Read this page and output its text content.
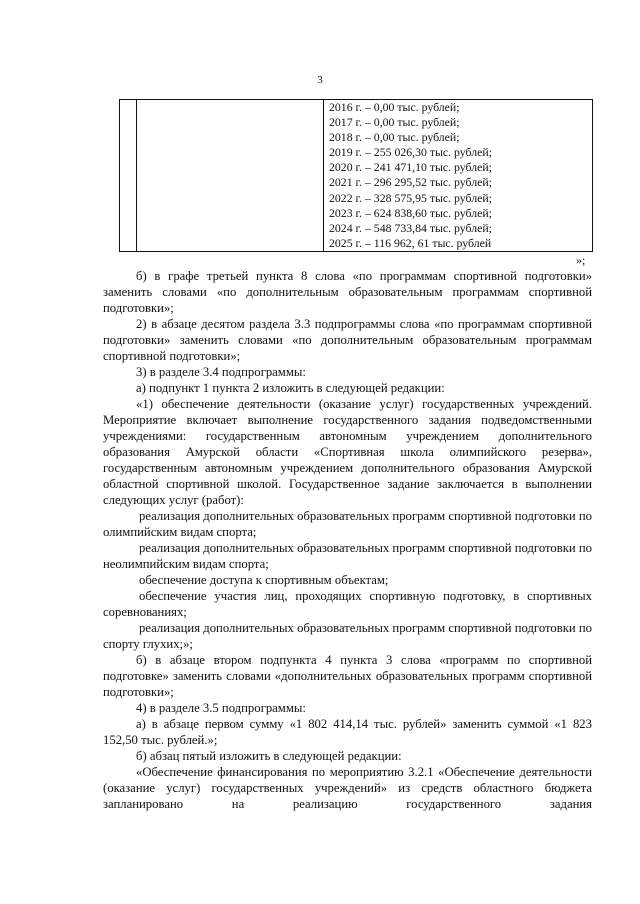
3

2016 г. – 0,00 тыс. рублей;
2017 г. – 0,00 тыс. рублей;
2018 г. – 0,00 тыс. рублей;
2019 г. – 255 026,30 тыс. рублей;
2020 г. – 241 471,10 тыс. рублей;
2021 г. – 296 295,52 тыс. рублей;
2022 г. – 328 575,95 тыс. рублей;
2023 г. – 624 838,60 тыс. рублей;
2024 г. – 548 733,84 тыс. рублей;
2025 г. – 116 962, 61 тыс. рублей
»;

б) в графе третьей пункта 8 слова «по программам спортивной подготовки» заменить словами «по дополнительным образовательным программам спортивной подготовки»;

2) в абзаце десятом раздела 3.3 подпрограммы слова «по программам спортивной подготовки» заменить словами «по дополнительным образовательным программам спортивной подготовки»;

3) в разделе 3.4 подпрограммы:

а) подпункт 1 пункта 2 изложить в следующей редакции:

«1) обеспечение деятельности (оказание услуг) государственных учреждений. Мероприятие включает выполнение государственного задания подведомственными учреждениями: государственным автономным учреждением дополнительного образования Амурской области «Спортивная школа олимпийского резерва», государственным автономным учреждением дополнительного образования Амурской областной спортивной школой. Государственное задание заключается в выполнении следующих услуг (работ):

реализация дополнительных образовательных программ спортивной подготовки по олимпийским видам спорта;

реализация дополнительных образовательных программ спортивной подготовки по неолимпийским видам спорта;

обеспечение доступа к спортивным объектам;

обеспечение участия лиц, проходящих спортивную подготовку, в спортивных соревнованиях;

реализация дополнительных образовательных программ спортивной подготовки по спорту глухих;»;

б) в абзаце втором подпункта 4 пункта 3 слова «программ по спортивной подготовке» заменить словами «дополнительных образовательных программ спортивной подготовки»;

4) в разделе 3.5 подпрограммы:

а) в абзаце первом сумму «1 802 414,14 тыс. рублей» заменить суммой «1 823 152,50 тыс. рублей.»;

б) абзац пятый изложить в следующей редакции:

«Обеспечение финансирования по мероприятию 3.2.1 «Обеспечение деятельности (оказание услуг) государственных учреждений» из средств областного бюджета запланировано на реализацию государственного задания
